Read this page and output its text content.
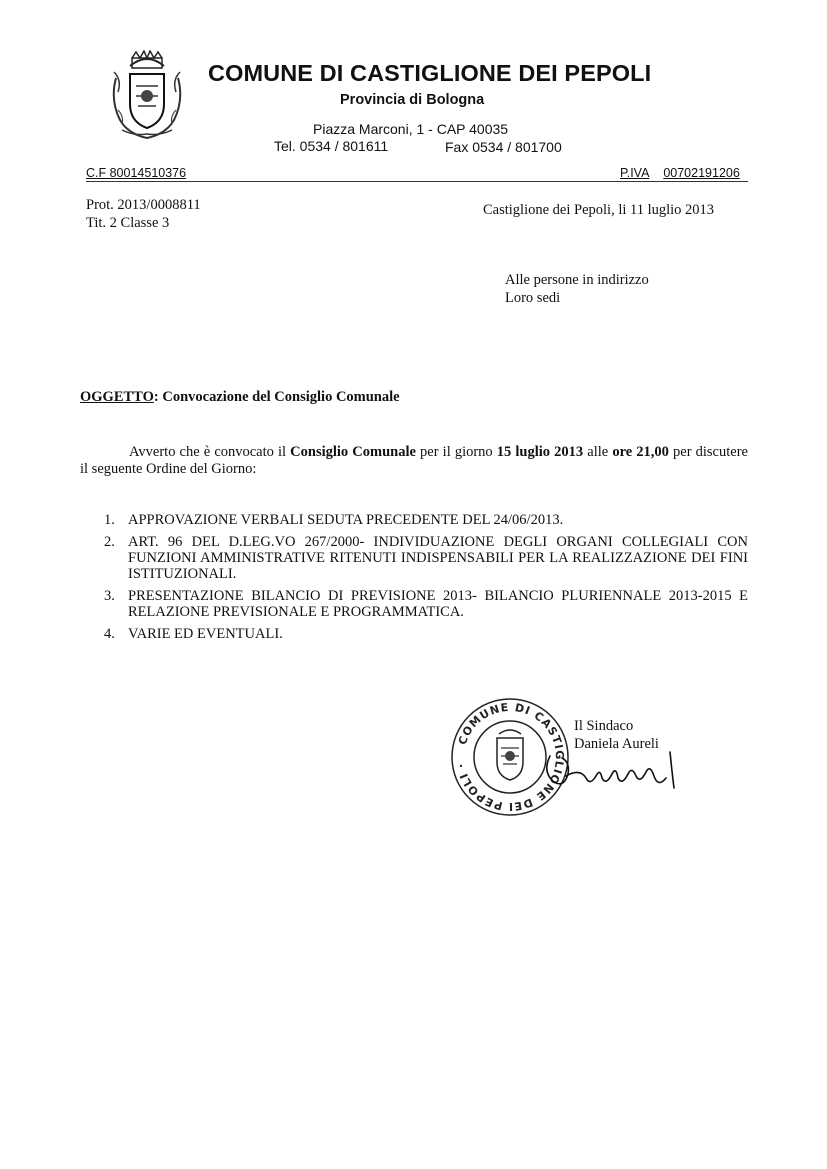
COMUNE DI CASTIGLIONE DEI PEPOLI
Provincia di Bologna
Piazza Marconi, 1 - CAP 40035
Tel. 0534 / 801611	Fax 0534 / 801700
C.F 80014510376	P.IVA 00702191206
Prot. 2013/0008811
Tit. 2 Classe 3
Castiglione dei Pepoli, li 11 luglio 2013
Alle persone in indirizzo
Loro sedi
OGGETTO: Convocazione del Consiglio Comunale
Avverto che è convocato il Consiglio Comunale per il giorno 15 luglio 2013 alle ore 21,00 per discutere il seguente Ordine del Giorno:
1. APPROVAZIONE VERBALI SEDUTA PRECEDENTE DEL 24/06/2013.
2. ART. 96 DEL D.LEG.VO 267/2000- INDIVIDUAZIONE DEGLI ORGANI COLLEGIALI CON FUNZIONI AMMINISTRATIVE RITENUTI INDISPENSABILI PER LA REALIZZAZIONE DEI FINI ISTITUZIONALI.
3. PRESENTAZIONE BILANCIO DI PREVISIONE 2013- BILANCIO PLURIENNALE 2013-2015 E RELAZIONE PREVISIONALE E PROGRAMMATICA.
4. VARIE ED EVENTUALI.
COMUNE DI CASTIGLIONE DEI PEPOLI ·
Il Sindaco
Daniela Aureli
